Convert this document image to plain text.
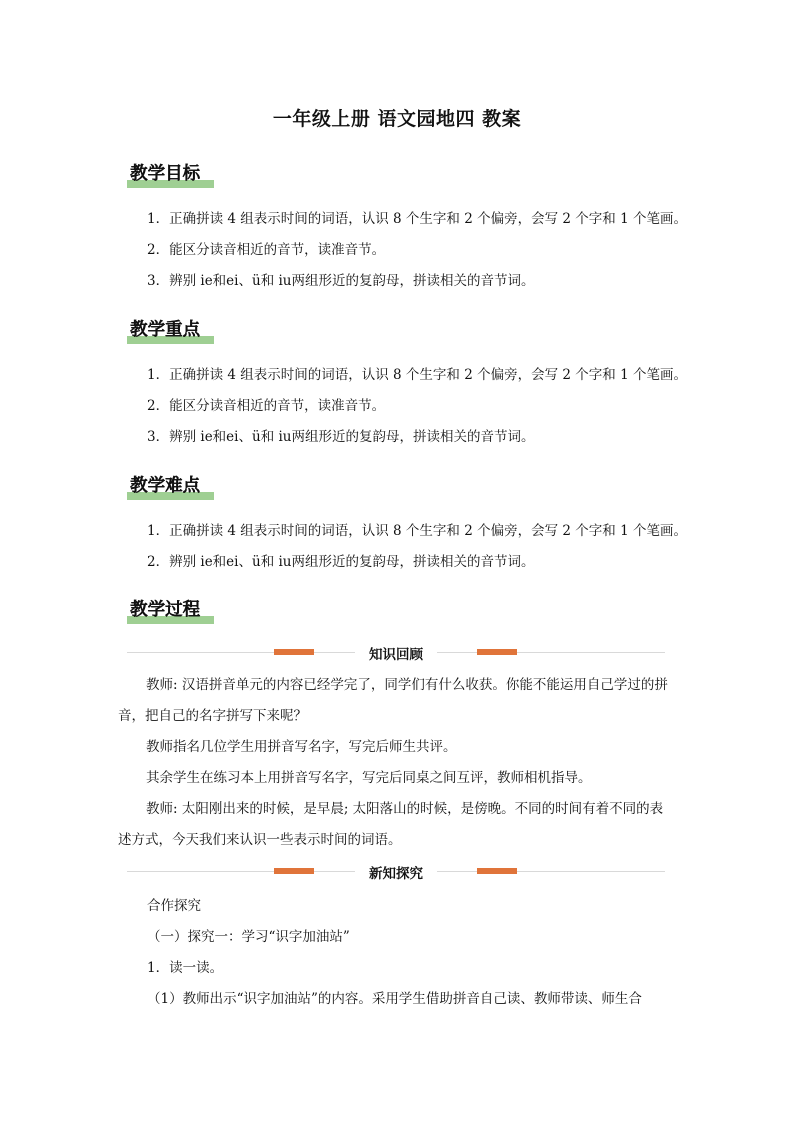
一年级上册 语文园地四 教案
教学目标
1．正确拼读 4 组表示时间的词语，认识 8 个生字和 2 个偏旁，会写 2 个字和 1 个笔画。
2．能区分读音相近的音节，读准音节。
3．辨别 ie和ei、ü和 iu两组形近的复韵母，拼读相关的音节词。
教学重点
1．正确拼读 4 组表示时间的词语，认识 8 个生字和 2 个偏旁，会写 2 个字和 1 个笔画。
2．能区分读音相近的音节，读准音节。
3．辨别 ie和ei、ü和 iu两组形近的复韵母，拼读相关的音节词。
教学难点
1．正确拼读 4 组表示时间的词语，认识 8 个生字和 2 个偏旁，会写 2 个字和 1 个笔画。
2．辨别 ie和ei、ü和 iu两组形近的复韵母，拼读相关的音节词。
教学过程
知识回顾
教师: 汉语拼音单元的内容已经学完了，同学们有什么收获。你能不能运用自己学过的拼音，把自己的名字拼写下来呢？
教师指名几位学生用拼音写名字，写完后师生共评。
其余学生在练习本上用拼音写名字，写完后同桌之间互评，教师相机指导。
教师: 太阳刚出来的时候，是早晨; 太阳落山的时候，是傍晚。不同的时间有着不同的表述方式，今天我们来认识一些表示时间的词语。
新知探究
合作探究
（一）探究一：学习“识字加油站”
1．读一读。
（1）教师出示“识字加油站”的内容。采用学生借助拼音自己读、教师带读、师生合
